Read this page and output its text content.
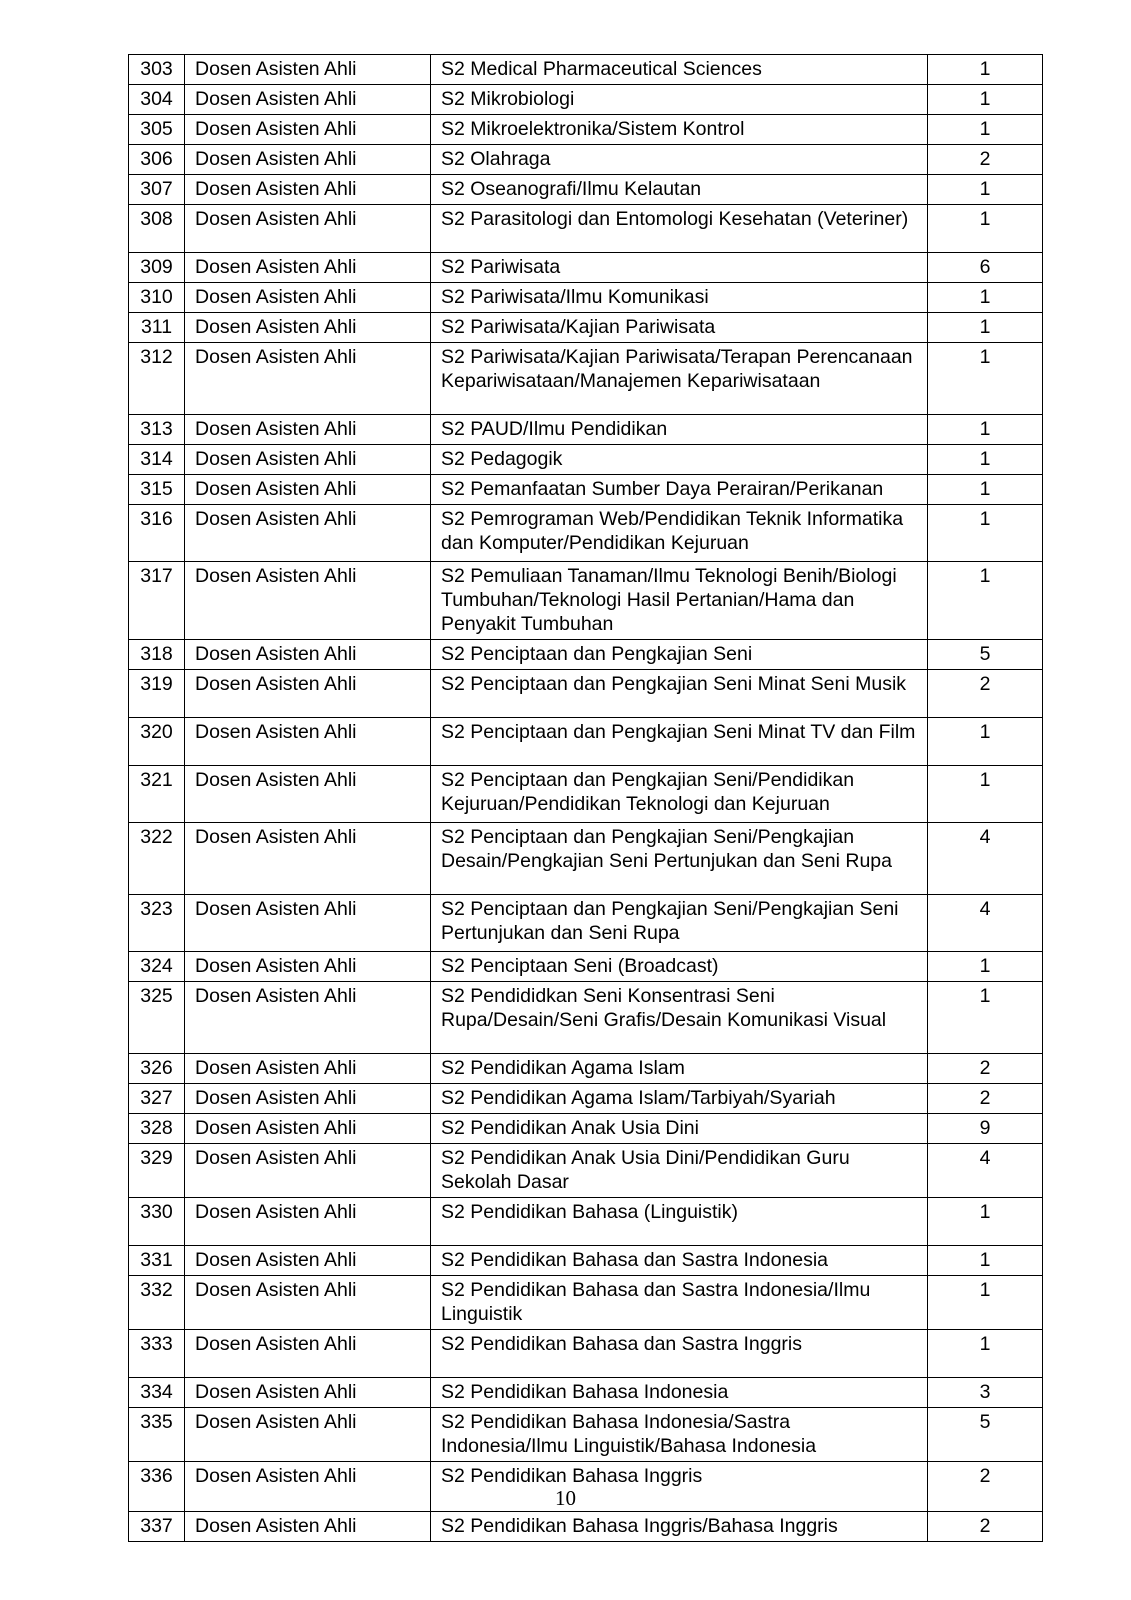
303	Dosen Asisten Ahli	S2 Medical Pharmaceutical Sciences	1
304	Dosen Asisten Ahli	S2 Mikrobiologi	1
305	Dosen Asisten Ahli	S2 Mikroelektronika/Sistem Kontrol	1
306	Dosen Asisten Ahli	S2 Olahraga	2
307	Dosen Asisten Ahli	S2 Oseanografi/Ilmu Kelautan	1
308	Dosen Asisten Ahli	S2 Parasitologi dan Entomologi Kesehatan (Veteriner)	1
309	Dosen Asisten Ahli	S2 Pariwisata	6
310	Dosen Asisten Ahli	S2 Pariwisata/Ilmu Komunikasi	1
311	Dosen Asisten Ahli	S2 Pariwisata/Kajian Pariwisata	1
312	Dosen Asisten Ahli	S2 Pariwisata/Kajian Pariwisata/Terapan Perencanaan Kepariwisataan/Manajemen Kepariwisataan	1
313	Dosen Asisten Ahli	S2 PAUD/Ilmu Pendidikan	1
314	Dosen Asisten Ahli	S2 Pedagogik	1
315	Dosen Asisten Ahli	S2 Pemanfaatan Sumber Daya Perairan/Perikanan	1
316	Dosen Asisten Ahli	S2 Pemrograman Web/Pendidikan Teknik Informatika dan Komputer/Pendidikan Kejuruan	1
317	Dosen Asisten Ahli	S2 Pemuliaan Tanaman/Ilmu Teknologi Benih/Biologi Tumbuhan/Teknologi Hasil Pertanian/Hama dan Penyakit Tumbuhan	1
318	Dosen Asisten Ahli	S2 Penciptaan dan Pengkajian Seni	5
319	Dosen Asisten Ahli	S2 Penciptaan dan Pengkajian Seni Minat Seni Musik	2
320	Dosen Asisten Ahli	S2 Penciptaan dan Pengkajian Seni Minat TV dan Film	1
321	Dosen Asisten Ahli	S2 Penciptaan dan Pengkajian Seni/Pendidikan Kejuruan/Pendidikan Teknologi dan Kejuruan	1
322	Dosen Asisten Ahli	S2 Penciptaan dan Pengkajian Seni/Pengkajian Desain/Pengkajian Seni Pertunjukan dan Seni Rupa	4
323	Dosen Asisten Ahli	S2 Penciptaan dan Pengkajian Seni/Pengkajian Seni Pertunjukan dan Seni Rupa	4
324	Dosen Asisten Ahli	S2 Penciptaan Seni (Broadcast)	1
325	Dosen Asisten Ahli	S2 Pendididkan Seni Konsentrasi Seni Rupa/Desain/Seni Grafis/Desain Komunikasi Visual	1
326	Dosen Asisten Ahli	S2 Pendidikan Agama Islam	2
327	Dosen Asisten Ahli	S2 Pendidikan Agama Islam/Tarbiyah/Syariah	2
328	Dosen Asisten Ahli	S2 Pendidikan Anak Usia Dini	9
329	Dosen Asisten Ahli	S2 Pendidikan Anak Usia Dini/Pendidikan Guru Sekolah Dasar	4
330	Dosen Asisten Ahli	S2 Pendidikan Bahasa (Linguistik)	1
331	Dosen Asisten Ahli	S2 Pendidikan Bahasa dan Sastra Indonesia	1
332	Dosen Asisten Ahli	S2 Pendidikan Bahasa dan Sastra Indonesia/Ilmu Linguistik	1
333	Dosen Asisten Ahli	S2 Pendidikan Bahasa dan Sastra Inggris	1
334	Dosen Asisten Ahli	S2 Pendidikan Bahasa Indonesia	3
335	Dosen Asisten Ahli	S2 Pendidikan Bahasa Indonesia/Sastra Indonesia/Ilmu Linguistik/Bahasa Indonesia	5
336	Dosen Asisten Ahli	S2 Pendidikan Bahasa Inggris	2
337	Dosen Asisten Ahli	S2 Pendidikan Bahasa Inggris/Bahasa Inggris	2
10
